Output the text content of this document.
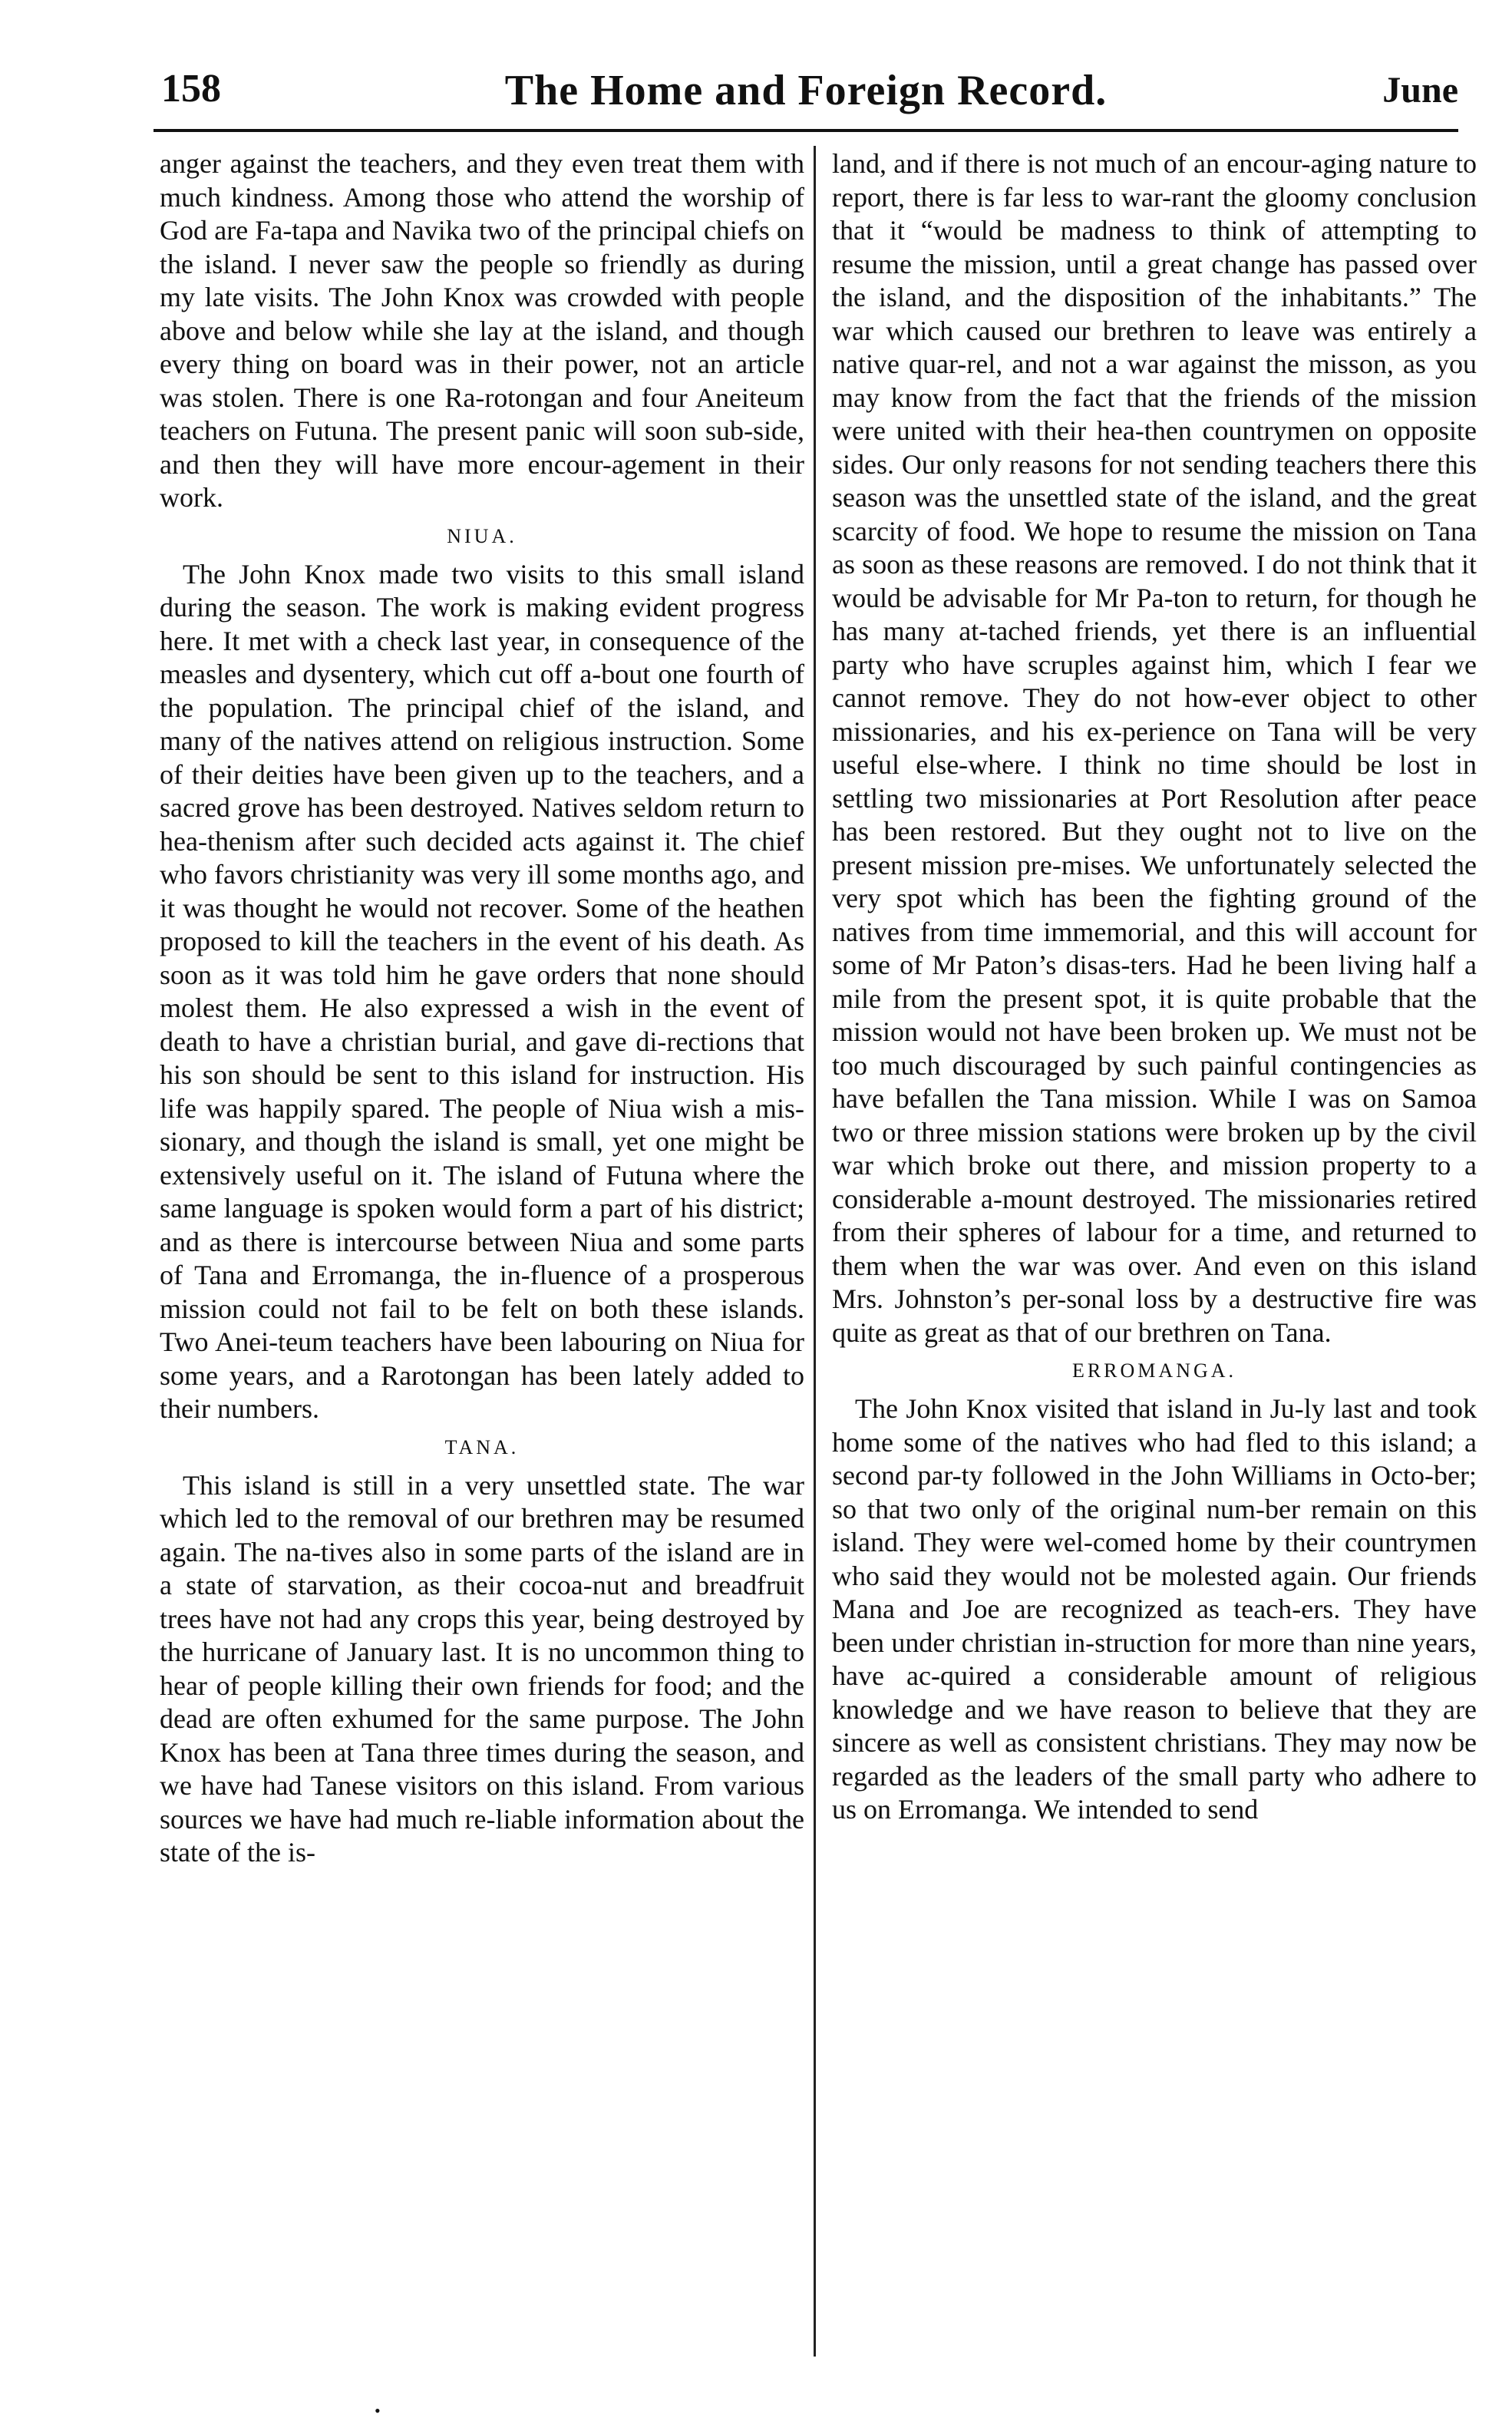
158	The Home and Foreign Record.	June

anger against the teachers, and they even treat them with much kindness. Among those who attend the worship of God are Fa-tapa and Navika two of the principal chiefs on the island. I never saw the people so friendly as during my late visits. The John Knox was crowded with people above and below while she lay at the island, and though every thing on board was in their power, not an article was stolen. There is one Ra-rotongan and four Aneiteum teachers on Futuna. The present panic will soon sub-side, and then they will have more encour-agement in their work.

NIUA.

The John Knox made two visits to this small island during the season. The work is making evident progress here. It met with a check last year, in consequence of the measles and dysentery, which cut off a-bout one fourth of the population. The principal chief of the island, and many of the natives attend on religious instruction. Some of their deities have been given up to the teachers, and a sacred grove has been destroyed. Natives seldom return to hea-thenism after such decided acts against it. The chief who favors christianity was very ill some months ago, and it was thought he would not recover. Some of the heathen proposed to kill the teachers in the event of his death. As soon as it was told him he gave orders that none should molest them. He also expressed a wish in the event of death to have a christian burial, and gave di-rections that his son should be sent to this island for instruction. His life was happily spared. The people of Niua wish a mis-sionary, and though the island is small, yet one might be extensively useful on it. The island of Futuna where the same language is spoken would form a part of his district; and as there is intercourse between Niua and some parts of Tana and Erromanga, the in-fluence of a prosperous mission could not fail to be felt on both these islands. Two Anei-teum teachers have been labouring on Niua for some years, and a Rarotongan has been lately added to their numbers.

TANA.

This island is still in a very unsettled state. The war which led to the removal of our brethren may be resumed again. The na-tives also in some parts of the island are in a state of starvation, as their cocoa-nut and breadfruit trees have not had any crops this year, being destroyed by the hurricane of January last. It is no uncommon thing to hear of people killing their own friends for food; and the dead are often exhumed for the same purpose. The John Knox has been at Tana three times during the season, and we have had Tanese visitors on this island. From various sources we have had much re-liable information about the state of the is-

land, and if there is not much of an encour-aging nature to report, there is far less to war-rant the gloomy conclusion that it “would be madness to think of attempting to resume the mission, until a great change has passed over the island, and the disposition of the inhabitants.” The war which caused our brethren to leave was entirely a native quar-rel, and not a war against the misson, as you may know from the fact that the friends of the mission were united with their hea-then countrymen on opposite sides. Our only reasons for not sending teachers there this season was the unsettled state of the island, and the great scarcity of food. We hope to resume the mission on Tana as soon as these reasons are removed. I do not think that it would be advisable for Mr Pa-ton to return, for though he has many at-tached friends, yet there is an influential party who have scruples against him, which I fear we cannot remove. They do not how-ever object to other missionaries, and his ex-perience on Tana will be very useful else-where. I think no time should be lost in settling two missionaries at Port Resolution after peace has been restored. But they ought not to live on the present mission pre-mises. We unfortunately selected the very spot which has been the fighting ground of the natives from time immemorial, and this will account for some of Mr Paton’s disas-ters. Had he been living half a mile from the present spot, it is quite probable that the mission would not have been broken up. We must not be too much discouraged by such painful contingencies as have befallen the Tana mission. While I was on Samoa two or three mission stations were broken up by the civil war which broke out there, and mission property to a considerable a-mount destroyed. The missionaries retired from their spheres of labour for a time, and returned to them when the war was over. And even on this island Mrs. Johnston’s per-sonal loss by a destructive fire was quite as great as that of our brethren on Tana.

ERROMANGA.

The John Knox visited that island in Ju-ly last and took home some of the natives who had fled to this island; a second par-ty followed in the John Williams in Octo-ber; so that two only of the original num-ber remain on this island. They were wel-comed home by their countrymen who said they would not be molested again. Our friends Mana and Joe are recognized as teach-ers. They have been under christian in-struction for more than nine years, have ac-quired a considerable amount of religious knowledge and we have reason to believe that they are sincere as well as consistent christians. They may now be regarded as the leaders of the small party who adhere to us on Erromanga. We intended to send

•
